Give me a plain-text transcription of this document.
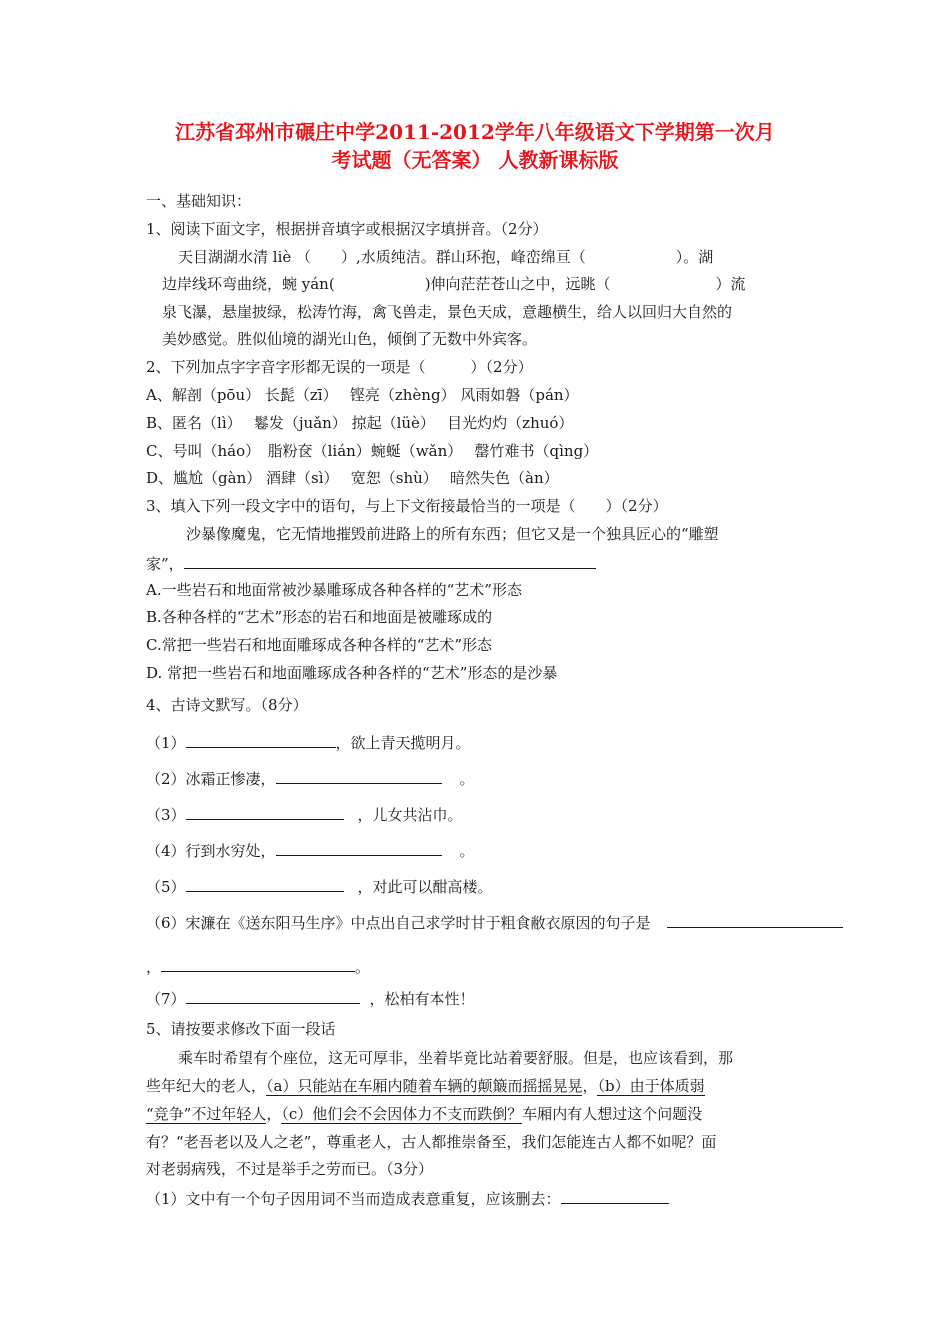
江苏省邳州市碾庄中学2011-2012学年八年级语文下学期第一次月
考试题（无答案） 人教新课标版
一、基础知识：
1、阅读下面文字，根据拼音填字或根据汉字填拼音。（2分）
天目湖湖水清 liè （　　）,水质纯洁。群山环抱，峰峦绵亘（　　　　　　）。湖
边岸线环弯曲绕，蜿 yán(　　　　　　)伸向茫茫苍山之中，远眺（　　　　　　　）流
泉飞瀑，悬崖披绿，松涛竹海，禽飞兽走，景色天成，意趣横生，给人以回归大自然的
美妙感觉。胜似仙境的湖光山色，倾倒了无数中外宾客。
2、下列加点字字音字形都无误的一项是（　　　）（2分）
A、解剖（pōu） 长髭（zī）　 铿亮（zhèng） 风雨如磐（pán）
B、匿名（lì）　 鬈发（juǎn） 掠起（lüè）　 目光灼灼（zhuó）
C、号叫（háo）　脂粉奁（lián）蜿蜒（wǎn）　 罄竹难书（qìng）
D、尴尬（gàn） 酒肆（sì）　 宽恕（shù）　 暗然失色（àn）
3、填入下列一段文字中的语句，与上下文衔接最恰当的一项是（　　）（2分）
沙暴像魔鬼，它无情地摧毁前进路上的所有东西；但它又是一个独具匠心的“雕塑
家”，
A.一些岩石和地面常被沙暴雕琢成各种各样的“艺术”形态
B.各种各样的“艺术”形态的岩石和地面是被雕琢成的
C.常把一些岩石和地面雕琢成各种各样的“艺术”形态
D. 常把一些岩石和地面雕琢成各种各样的“艺术”形态的是沙暴
4、古诗文默写。（8分）
（1）	，欲上青天揽明月。
（2）冰霜正惨凄，	。
（3）	，儿女共沾巾。
（4）行到水穷处，	。
（5）	，对此可以酣高楼。
（6）宋濂在《送东阳马生序》中点出自己求学时甘于粗食敝衣原因的句子是
，	。
（7）	，松柏有本性！
5、请按要求修改下面一段话
乘车时希望有个座位，这无可厚非，坐着毕竟比站着要舒服。但是，也应该看到，那
些年纪大的老人，（a）只能站在车厢内随着车辆的颠簸而摇摇晃晃，（b）由于体质弱
“竞争”不过年轻人，（c）他们会不会因体力不支而跌倒？车厢内有人想过这个问题没
有？“老吾老以及人之老”，尊重老人，古人都推崇备至，我们怎能连古人都不如呢？面
对老弱病残，不过是举手之劳而已。（3分）
（1）文中有一个句子因用词不当而造成表意重复，应该删去：
